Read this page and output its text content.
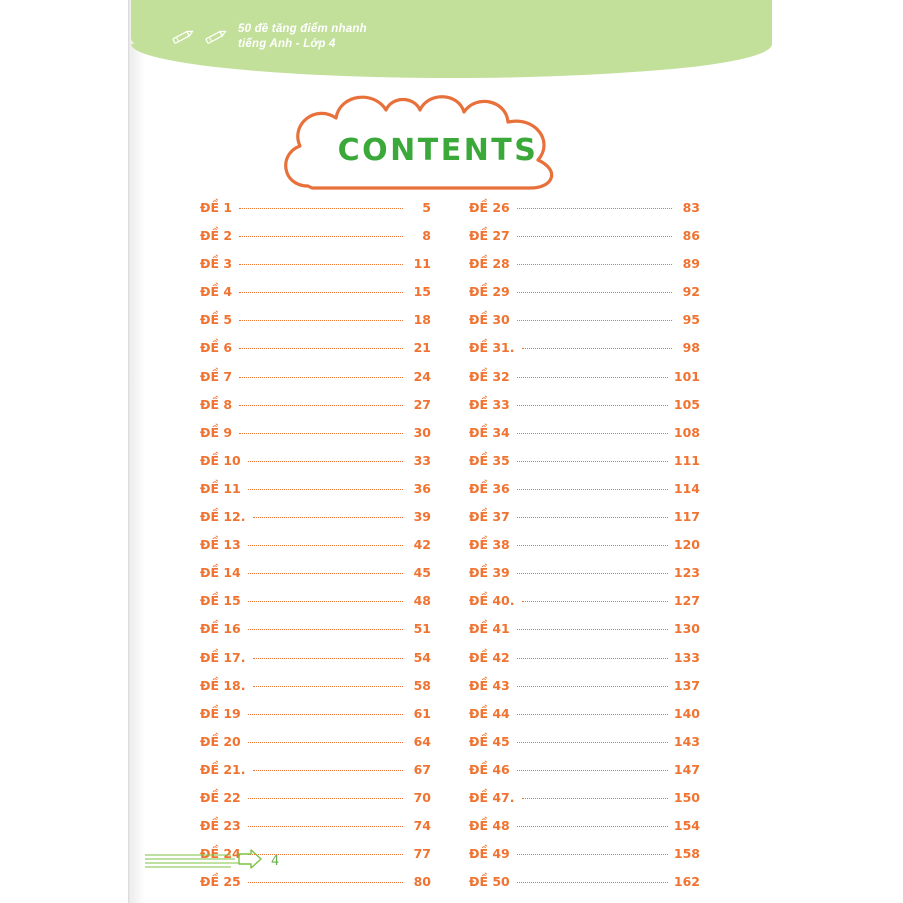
50 đề tăng điểm nhanh
tiếng Anh - Lớp 4
CONTENTS
ĐỀ 1	5
ĐỀ 2	8
ĐỀ 3	11
ĐỀ 4	15
ĐỀ 5	18
ĐỀ 6	21
ĐỀ 7	24
ĐỀ 8	27
ĐỀ 9	30
ĐỀ 10	33
ĐỀ 11	36
ĐỀ 12.	39
ĐỀ 13	42
ĐỀ 14	45
ĐỀ 15	48
ĐỀ 16	51
ĐỀ 17.	54
ĐỀ 18.	58
ĐỀ 19	61
ĐỀ 20	64
ĐỀ 21.	67
ĐỀ 22	70
ĐỀ 23	74
ĐỀ 24	77
ĐỀ 25	80
ĐỀ 26	83
ĐỀ 27	86
ĐỀ 28	89
ĐỀ 29	92
ĐỀ 30	95
ĐỀ 31.	98
ĐỀ 32	101
ĐỀ 33	105
ĐỀ 34	108
ĐỀ 35	111
ĐỀ 36	114
ĐỀ 37	117
ĐỀ 38	120
ĐỀ 39	123
ĐỀ 40.	127
ĐỀ 41	130
ĐỀ 42	133
ĐỀ 43	137
ĐỀ 44	140
ĐỀ 45	143
ĐỀ 46	147
ĐỀ 47.	150
ĐỀ 48	154
ĐỀ 49	158
ĐỀ 50	162
4
